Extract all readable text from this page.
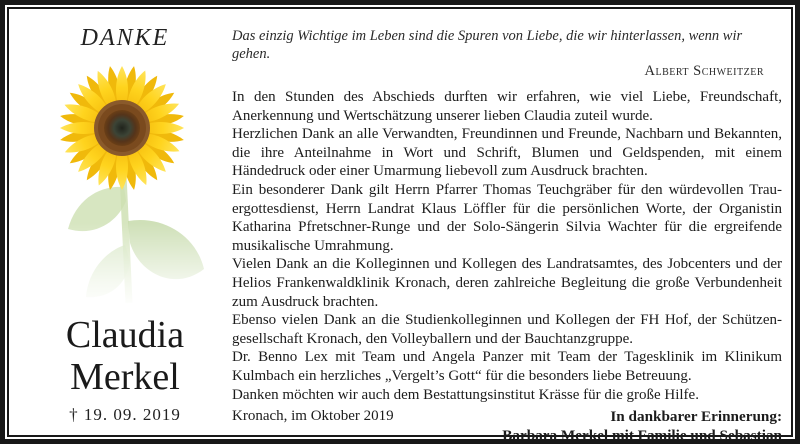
DANKE
Claudia
Merkel
† 19. 09. 2019
Das einzig Wichtige im Leben sind die Spuren von Liebe, die wir hinterlassen, wenn wir gehen.
Albert Schweitzer

In den Stunden des Abschieds durften wir erfahren, wie viel Liebe, Freundschaft, Anerkennung und Wertschätzung unserer lieben Claudia zuteil wurde.

Herzlichen Dank an alle Verwandten, Freundinnen und Freunde, Nachbarn und Bekannten, die ihre Anteilnahme in Wort und Schrift, Blumen und Geldspenden, mit einem Händedruck oder einer Umarmung liebevoll zum Ausdruck brachten.

Ein besonderer Dank gilt Herrn Pfarrer Thomas Teuchgräber für den würdevollen Trauergottesdienst, Herrn Landrat Klaus Löffler für die persönlichen Worte, der Organistin Katharina Pfretschner-Runge und der Solo-Sängerin Silvia Wachter für die ergreifende musikalische Umrahmung.

Vielen Dank an die Kolleginnen und Kollegen des Landratsamtes, des Jobcenters und der Helios Frankenwaldklinik Kronach, deren zahlreiche Begleitung die große Verbundenheit zum Ausdruck brachten.

Ebenso vielen Dank an die Studienkolleginnen und Kollegen der FH Hof, der Schützengesellschaft Kronach, den Volleyballern und der Bauchtanzgruppe.

Dr. Benno Lex mit Team und Angela Panzer mit Team der Tagesklinik im Klinikum Kulmbach ein herzliches „Vergelt’s Gott“ für die besonders liebe Betreuung.

Danken möchten wir auch dem Bestattungsinstitut Krässe für die große Hilfe.

Kronach, im Oktober 2019	In dankbarer Erinnerung:
Barbara Merkel mit Familie und Sebastian
